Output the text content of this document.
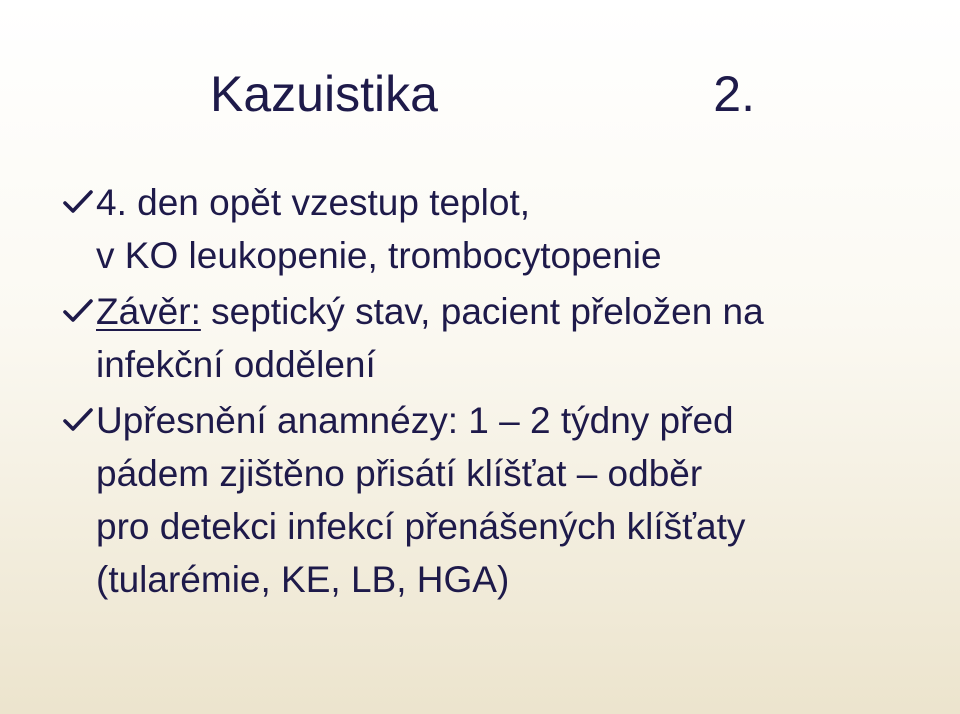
Kazuistika	2.
4. den opět vzestup teplot,
v KO leukopenie, trombocytopenie
Závěr: septický stav, pacient přeložen na
infekční oddělení
Upřesnění anamnézy: 1 – 2 týdny před
pádem zjištěno přisátí klíšťat – odběr
pro detekci infekcí přenášených klíšťaty
(tularémie, KE, LB, HGA)
